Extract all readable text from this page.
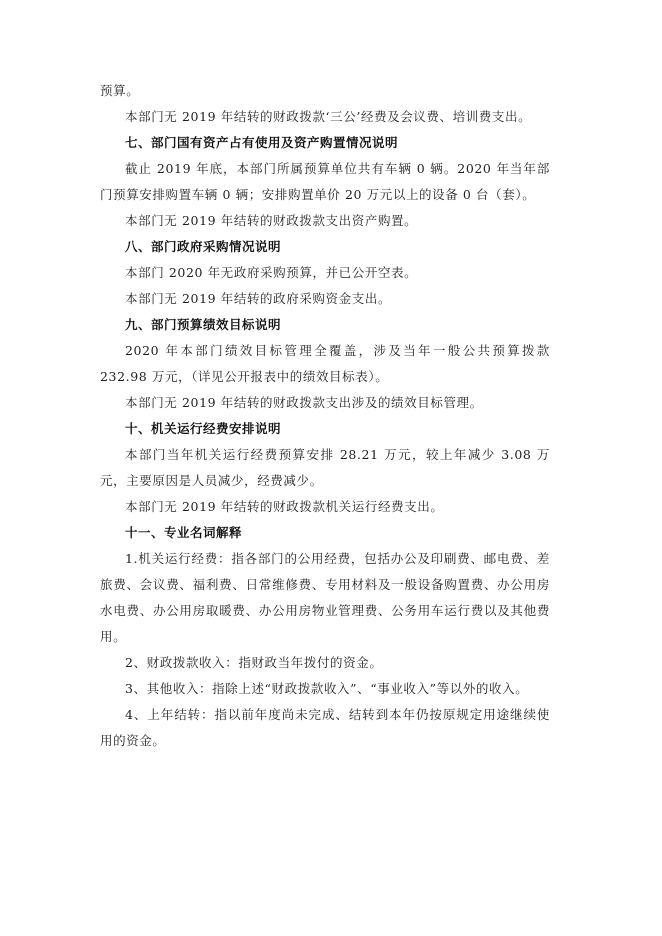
预算。

本部门无 2019 年结转的财政拨款‘三公’经费及会议费、培训费支出。

七、部门国有资产占有使用及资产购置情况说明

截止 2019 年底，本部门所属预算单位共有车辆 0 辆。2020 年当年部门预算安排购置车辆 0 辆；安排购置单价 20 万元以上的设备 0 台（套）。

本部门无 2019 年结转的财政拨款支出资产购置。

八、部门政府采购情况说明

本部门 2020 年无政府采购预算，并已公开空表。

本部门无 2019 年结转的政府采购资金支出。

九、部门预算绩效目标说明

2020 年本部门绩效目标管理全覆盖，涉及当年一般公共预算拨款 232.98 万元，（详见公开报表中的绩效目标表）。

本部门无 2019 年结转的财政拨款支出涉及的绩效目标管理。

十、机关运行经费安排说明

本部门当年机关运行经费预算安排 28.21 万元，较上年减少 3.08 万元，主要原因是人员减少，经费减少。

本部门无 2019 年结转的财政拨款机关运行经费支出。

十一、专业名词解释

1.机关运行经费：指各部门的公用经费，包括办公及印刷费、邮电费、差旅费、会议费、福利费、日常维修费、专用材料及一般设备购置费、办公用房水电费、办公用房取暖费、办公用房物业管理费、公务用车运行费以及其他费用。

2、财政拨款收入：指财政当年拨付的资金。

3、其他收入：指除上述“财政拨款收入”、“事业收入”等以外的收入。

4、上年结转：指以前年度尚未完成、结转到本年仍按原规定用途继续使用的资金。
